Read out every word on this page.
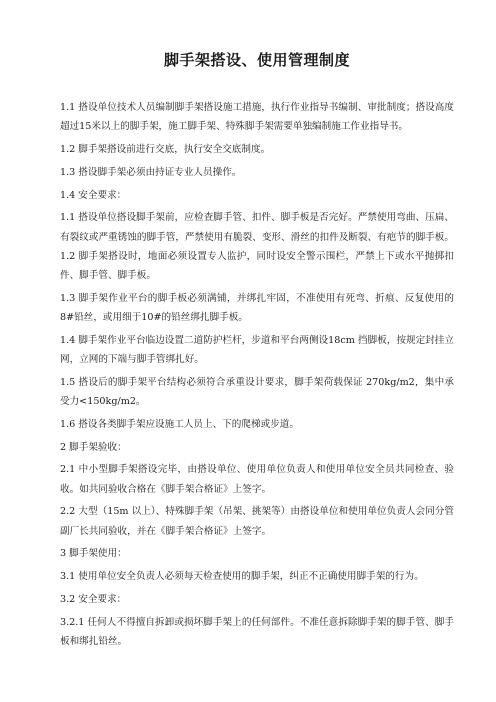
脚手架搭设、使用管理制度

1.1 搭设单位技术人员编制脚手架搭设施工措施，执行作业指导书编制、审批制度；搭设高度超过15米以上的脚手架，施工脚手架、特殊脚手架需要单独编制施工作业指导书。

1.2 脚手架搭设前进行交底，执行安全交底制度。

1.3 搭设脚手架必须由持证专业人员操作。

1.4 安全要求：

1.1 搭设单位搭设脚手架前，应检查脚手管、扣件、脚手板是否完好。严禁使用弯曲、压扁、有裂纹或严重锈蚀的脚手管，严禁使用有脆裂、变形、滑丝的扣件及断裂、有疤节的脚手板。1.2 脚手架搭设时，地面必须设置专人监护，同时设安全警示围栏，严禁上下或水平抛掷扣件、脚手管、脚手板。

1.3 脚手架作业平台的脚手板必须满铺，并绑扎牢固，不准使用有死弯、折痕、反复使用的8#铅丝，或用细于10#的铅丝绑扎脚手板。

1.4 脚手架作业平台临边设置二道防护栏杆，步道和平台两侧设18cm 挡脚板，按规定封挂立网，立网的下端与脚手管绑扎好。

1.5 搭设后的脚手架平台结构必须符合承重设计要求，脚手架荷载保证 270kg/m2，集中承受力<150kg/m2。

1.6 搭设各类脚手架应设施工人员上、下的爬梯或步道。

2 脚手架验收：

2.1 中小型脚手架搭设完毕，由搭设单位、使用单位负责人和使用单位安全员共同检查、验收。如共同验收合格在《脚手架合格证》上签字。

2.2 大型（15m 以上）、特殊脚手架（吊架、挑架等）由搭设单位和使用单位负责人会同分管副厂长共同验收，并在《脚手架合格证》上签字。

3 脚手架使用：

3.1 使用单位安全负责人必须每天检查使用的脚手架，纠正不正确使用脚手架的行为。

3.2 安全要求：

3.2.1 任何人不得擅自拆卸或损坏脚手架上的任何部件。不准任意拆除脚手架的脚手管、脚手板和绑扎铅丝。
